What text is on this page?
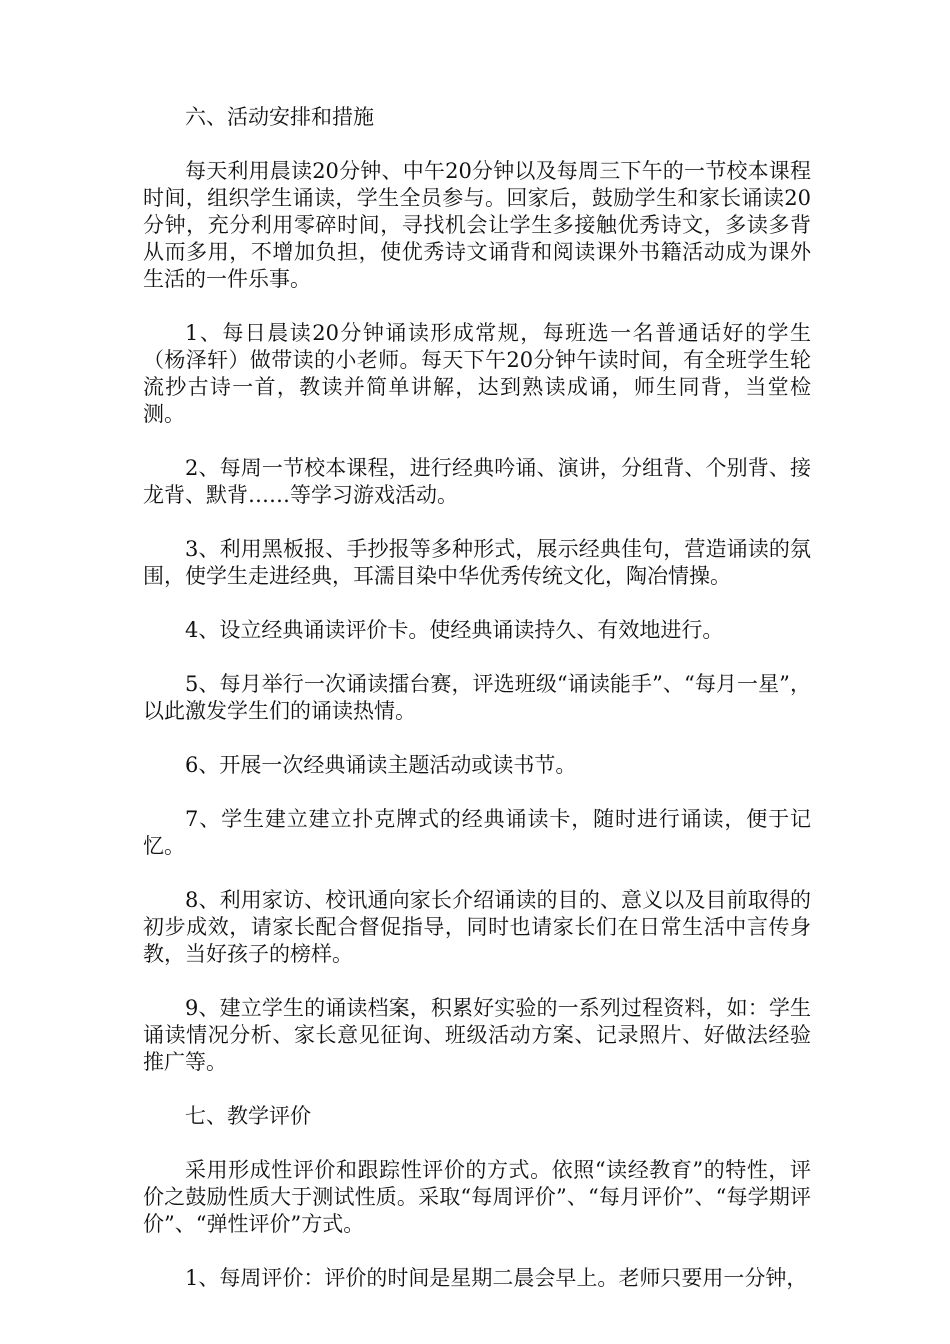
六、活动安排和措施

每天利用晨读20分钟、中午20分钟以及每周三下午的一节校本课程时间，组织学生诵读，学生全员参与。回家后，鼓励学生和家长诵读20分钟，充分利用零碎时间，寻找机会让学生多接触优秀诗文，多读多背从而多用，不增加负担，使优秀诗文诵背和阅读课外书籍活动成为课外生活的一件乐事。

1、每日晨读20分钟诵读形成常规，每班选一名普通话好的学生（杨泽轩）做带读的小老师。每天下午20分钟午读时间，有全班学生轮流抄古诗一首，教读并简单讲解，达到熟读成诵，师生同背，当堂检测。

2、每周一节校本课程，进行经典吟诵、演讲，分组背、个别背、接龙背、默背……等学习游戏活动。

3、利用黑板报、手抄报等多种形式，展示经典佳句，营造诵读的氛围，使学生走进经典，耳濡目染中华优秀传统文化，陶冶情操。

4、设立经典诵读评价卡。使经典诵读持久、有效地进行。

5、每月举行一次诵读擂台赛，评选班级“诵读能手”、“每月一星”，以此激发学生们的诵读热情。

6、开展一次经典诵读主题活动或读书节。

7、学生建立建立扑克牌式的经典诵读卡，随时进行诵读，便于记忆。

8、利用家访、校讯通向家长介绍诵读的目的、意义以及目前取得的初步成效，请家长配合督促指导，同时也请家长们在日常生活中言传身教，当好孩子的榜样。

9、建立学生的诵读档案，积累好实验的一系列过程资料，如：学生诵读情况分析、家长意见征询、班级活动方案、记录照片、好做法经验推广等。

七、教学评价

采用形成性评价和跟踪性评价的方式。依照“读经教育”的特性，评价之鼓励性质大于测试性质。采取“每周评价”、“每月评价”、“每学期评价”、“弹性评价”方式。

1、每周评价：评价的时间是星期二晨会早上。老师只要用一分钟，
